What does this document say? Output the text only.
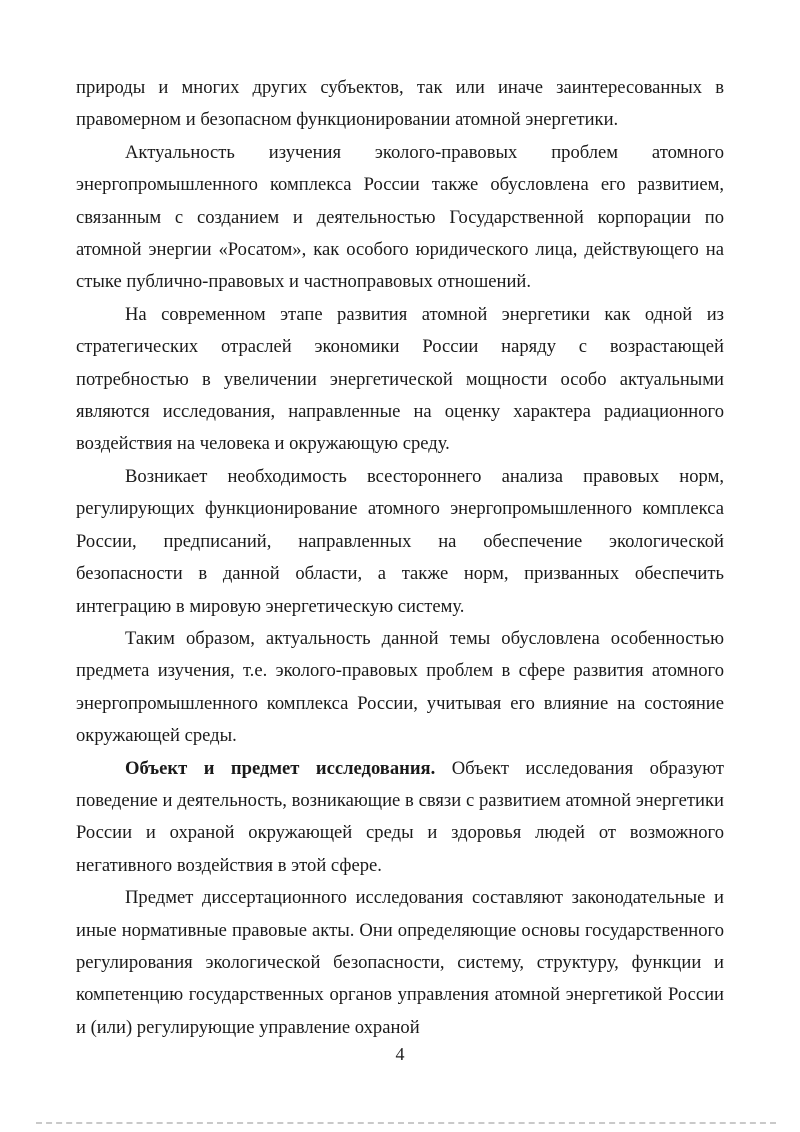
природы и многих других субъектов, так или иначе заинтересованных в правомерном и безопасном функционировании атомной энергетики.

Актуальность изучения эколого-правовых проблем атомного энергопромышленного комплекса России также обусловлена его развитием, связанным с созданием и деятельностью Государственной корпорации по атомной энергии «Росатом», как особого юридического лица, действующего на стыке публично-правовых и частноправовых отношений.

На современном этапе развития атомной энергетики как одной из стратегических отраслей экономики России наряду с возрастающей потребностью в увеличении энергетической мощности особо актуальными являются исследования, направленные на оценку характера радиационного воздействия на человека и окружающую среду.

Возникает необходимость всестороннего анализа правовых норм, регулирующих функционирование атомного энергопромышленного комплекса России, предписаний, направленных на обеспечение экологической безопасности в данной области, а также норм, призванных обеспечить интеграцию в мировую энергетическую систему.

Таким образом, актуальность данной темы обусловлена особенностью предмета изучения, т.е. эколого-правовых проблем в сфере развития атомного энергопромышленного комплекса России, учитывая его влияние на состояние окружающей среды.

Объект и предмет исследования. Объект исследования образуют поведение и деятельность, возникающие в связи с развитием атомной энергетики России и охраной окружающей среды и здоровья людей от возможного негативного воздействия в этой сфере.

Предмет диссертационного исследования составляют законодательные и иные нормативные правовые акты. Они определяющие основы государственного регулирования экологической безопасности, систему, структуру, функции и компетенцию государственных органов управления атомной энергетикой России и (или) регулирующие управление охраной

4
